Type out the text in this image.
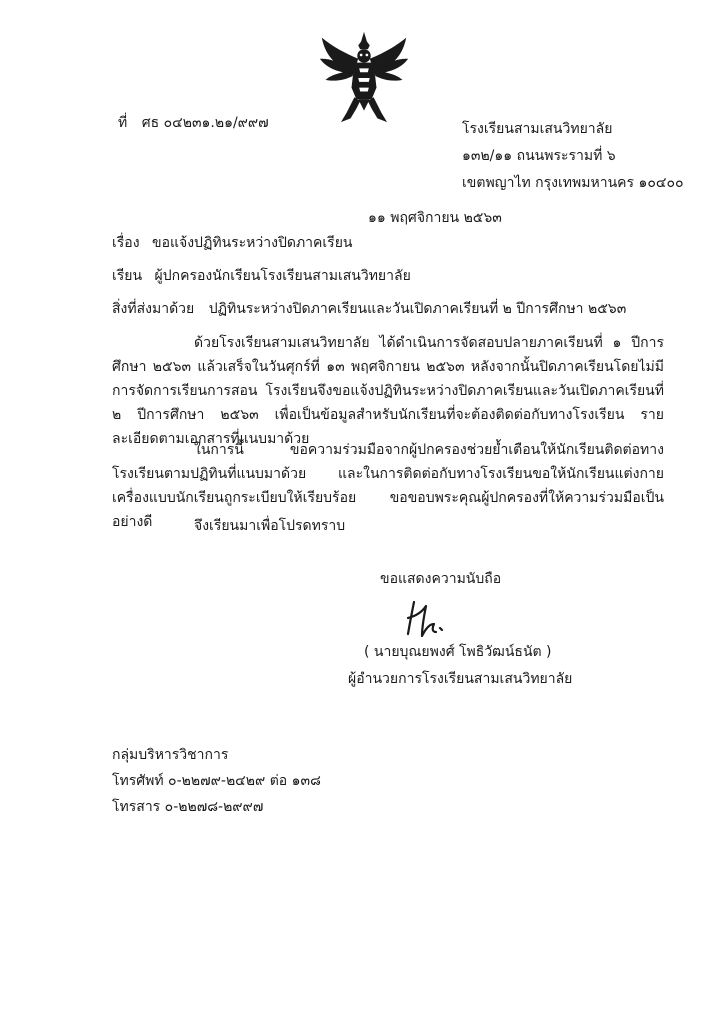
ที่ ศธ ๐๔๒๓๑.๒๑/๙๙๗	โรงเรียนสามเสนวิทยาลัย
๑๓๒/๑๑ ถนนพระรามที่ ๖
เขตพญาไท กรุงเทพมหานคร ๑๐๔๐๐
๑๑ พฤศจิกายน ๒๕๖๓
เรื่อง ขอแจ้งปฏิทินระหว่างปิดภาคเรียน
เรียน ผู้ปกครองนักเรียนโรงเรียนสามเสนวิทยาลัย
สิ่งที่ส่งมาด้วย ปฏิทินระหว่างปิดภาคเรียนและวันเปิดภาคเรียนที่ ๒ ปีการศึกษา ๒๕๖๓
ด้วยโรงเรียนสามเสนวิทยาลัย ได้ดำเนินการจัดสอบปลายภาคเรียนที่ ๑ ปีการศึกษา ๒๕๖๓ แล้วเสร็จในวันศุกร์ที่ ๑๓ พฤศจิกายน ๒๕๖๓ หลังจากนั้นปิดภาคเรียนโดยไม่มีการจัดการเรียนการสอน โรงเรียนจึงขอแจ้งปฏิทินระหว่างปิดภาคเรียนและวันเปิดภาคเรียนที่ ๒ ปีการศึกษา ๒๕๖๓ เพื่อเป็นข้อมูลสำหรับนักเรียนที่จะต้องติดต่อกับทางโรงเรียน รายละเอียดตามเอกสารที่แนบมาด้วย
ในการนี้ ขอความร่วมมือจากผู้ปกครองช่วยย้ำเตือนให้นักเรียนติดต่อทางโรงเรียนตามปฏิทินที่แนบมาด้วย และในการติดต่อกับทางโรงเรียนขอให้นักเรียนแต่งกายเครื่องแบบนักเรียนถูกระเบียบให้เรียบร้อย ขอขอบพระคุณผู้ปกครองที่ให้ความร่วมมือเป็นอย่างดี	จึงเรียนมาเพื่อโปรดทราบ
ขอแสดงความนับถือ
( นายบุณยพงศ์ โพธิวัฒน์ธนัต )
ผู้อำนวยการโรงเรียนสามเสนวิทยาลัย
กลุ่มบริหารวิชาการ
โทรศัพท์ ๐-๒๒๗๙-๒๔๒๙ ต่อ ๑๓๘
โทรสาร ๐-๒๒๗๘-๒๙๙๗
